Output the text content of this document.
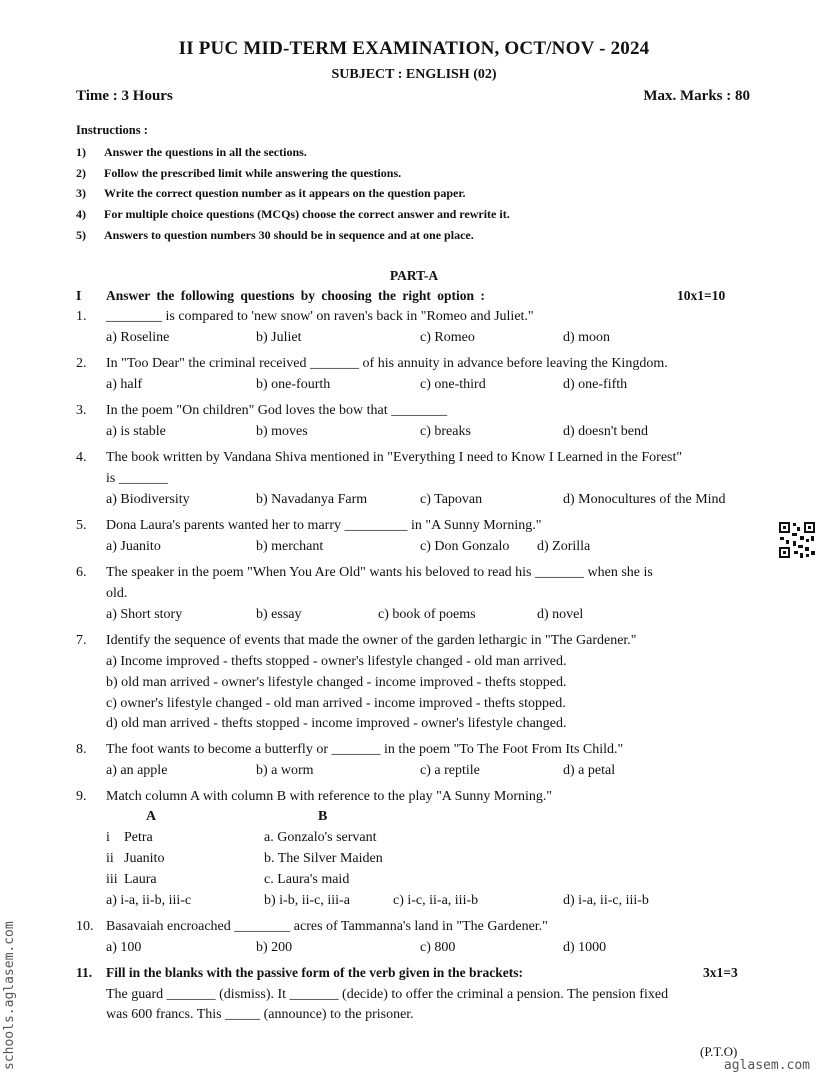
II PUC MID-TERM EXAMINATION, OCT/NOV - 2024
SUBJECT : ENGLISH (02)
Time : 3 Hours	Max. Marks : 80
Instructions :
1) Answer the questions in all the sections.
2) Follow the prescribed limit while answering the questions.
3) Write the correct question number as it appears on the question paper.
4) For multiple choice questions (MCQs) choose the correct answer and rewrite it.
5) Answers to question numbers 30 should be in sequence and at one place.
PART-A
I Answer the following questions by choosing the right option :	10x1=10
1. ________ is compared to 'new snow' on raven's back in "Romeo and Juliet."
a) Roseline	b) Juliet	c) Romeo	d) moon
2. In "Too Dear" the criminal received _______ of his annuity in advance before leaving the Kingdom.
a) half	b) one-fourth	c) one-third	d) one-fifth
3. In the poem "On children" God loves the bow that ________
a) is stable	b) moves	c) breaks	d) doesn't bend
4. The book written by Vandana Shiva mentioned in "Everything I need to Know I Learned in the Forest"
is _______
a) Biodiversity	b) Navadanya Farm	c) Tapovan	d) Monocultures of the Mind
5. Dona Laura's parents wanted her to marry _________ in "A Sunny Morning."
a) Juanito	b) merchant	c) Don Gonzalo d) Zorilla
6. The speaker in the poem "When You Are Old" wants his beloved to read his _______ when she is
old.
a) Short story	b) essay	c) book of poems	d) novel
7. Identify the sequence of events that made the owner of the garden lethargic in "The Gardener."
a) Income improved - thefts stopped - owner's lifestyle changed - old man arrived.
b) old man arrived - owner's lifestyle changed - income improved - thefts stopped.
c) owner's lifestyle changed - old man arrived - income improved - thefts stopped.
d) old man arrived - thefts stopped - income improved - owner's lifestyle changed.
8. The foot wants to become a butterfly or _______ in the poem "To The Foot From Its Child."
a) an apple	b) a worm	c) a reptile	d) a petal
9. Match column A with column B with reference to the play "A Sunny Morning."
a) i-a, ii-b, iii-c	b) i-b, ii-c, iii-a	c) i-c, ii-a, iii-b	d) i-a, ii-c, iii-b
10. Basavaiah encroached ________ acres of Tammanna's land in "The Gardener."
a) 100	b) 200	c) 800	d) 1000
A	B
i Petra	a. Gonzalo's servant
ii Juanito	b. The Silver Maiden
iii Laura	c. Laura's maid
11. Fill in the blanks with the passive form of the verb given in the brackets:	3x1=3
The guard _______ (dismiss). It _______ (decide) to offer the criminal a pension. The pension fixed
was 600 francs. This _____ (announce) to the prisoner.
(P.T.O)
schools.aglasem.com	aglasem.com
